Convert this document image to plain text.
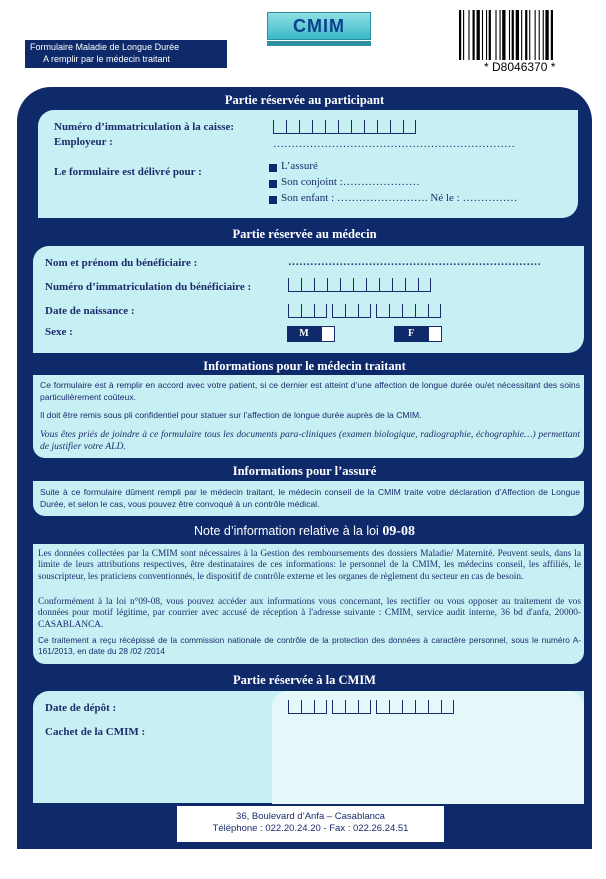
CMIM
* D8046370 *
Formulaire Maladie de Longue Durée
A remplir par le médecin traitant
Partie réservée au participant
Numéro d’immatriculation à la caisse:
Employeur :	…………………………………………………………
Le formulaire est délivré pour :	L’assuré
Son conjoint :…………………
Son enfant : ……………………. Né le : ……………
Partie réservée au médecin
Nom et prénom du bénéficiaire :	……………………………………………………………
Numéro d’immatriculation du bénéficiaire :
Date de naissance :
Sexe :	M	F
Informations pour le médecin traitant
Ce formulaire est à remplir en accord avec votre patient, si ce dernier est atteint d’une affection de longue durée ou/et nécessitant des soins particulièrement coûteux.
Il doit être remis sous pli confidentiel pour statuer sur l’affection de longue durée auprès de la CMIM.
Vous êtes priés de joindre à ce formulaire tous les documents para-cliniques (examen biologique, radiographie, échographie…) permettant de justifier votre ALD.
Informations pour l’assuré
Suite à ce formulaire dûment rempli par le médecin traitant, le médecin conseil de la CMIM traite votre déclaration d’Affection de Longue Durée, et selon le cas, vous pouvez être convoqué à un contrôle médical.
Note d’information relative à la loi 09-08
Les données collectées par la CMIM sont nécessaires à la Gestion des remboursements des dossiers Maladie/ Maternité. Peuvent seuls, dans la limite de leurs attributions respectives, être destinataires de ces informations: le personnel de la CMIM, les médecins conseil, les affiliés, le souscripteur, les praticiens conventionnés, le dispositif de contrôle externe et les organes de règlement du secteur en cas de besoin.
Conformément à la loi n°09-08, vous pouvez accéder aux informations vous concernant, les rectifier ou vous opposer au traitement de vos données pour motif légitime, par courrier avec accusé de réception à l'adresse suivante : CMIM, service audit interne, 36 bd d'anfa, 20000-CASABLANCA.
Ce traitement a reçu récépissé de la commission nationale de contrôle de la protection des données à caractère personnel, sous le numéro A-161/2013, en date du 28 /02 /2014
Partie réservée à la CMIM
Date de dépôt :
Cachet de la CMIM :
36, Boulevard d’Anfa – Casablanca
Téléphone : 022.20.24.20 - Fax : 022.26.24.51
